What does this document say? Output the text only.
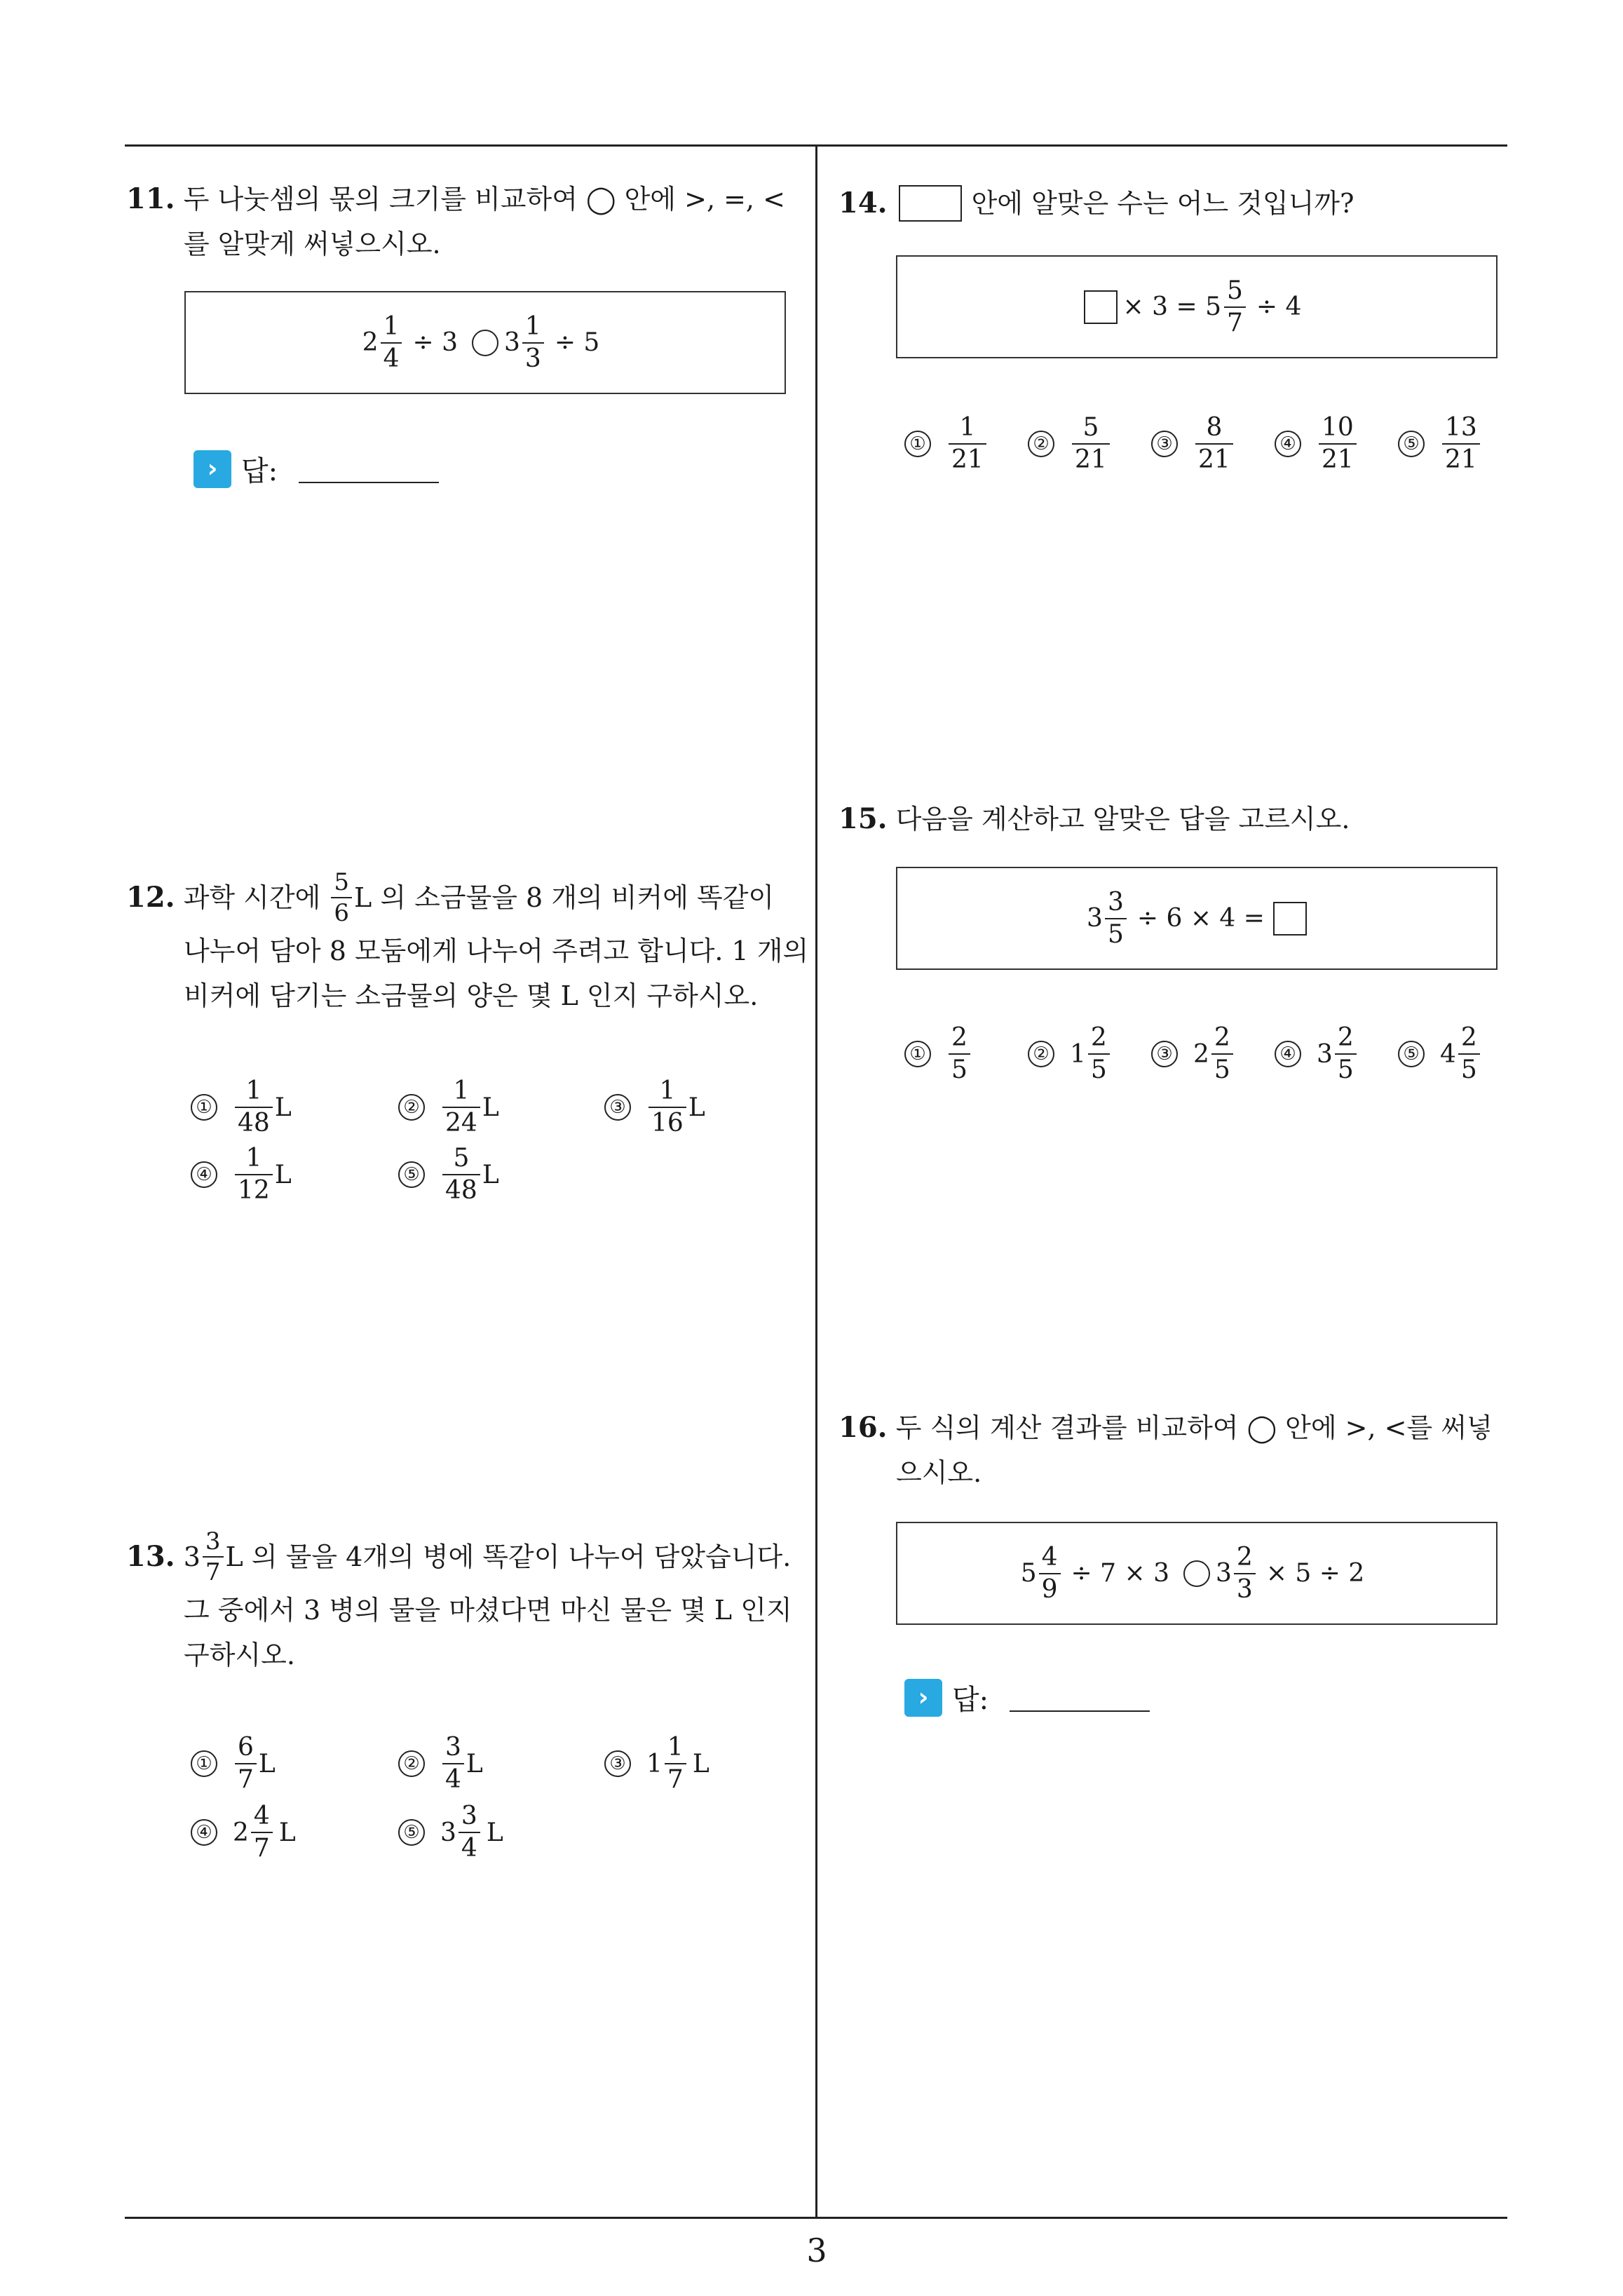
11. 두 나눗셈의 몫의 크기를 비교하여 ◯ 안에 >, =, <
를 알맞게 써넣으시오.
$2 \frac{1}{4} \div 3$ $3 \frac{1}{3} \div 5$
› 답:
12.
과학 시간에
$\frac{5}{6}$ L 의 소금물을 8 개의 비커에 똑같이
나누어 담아 8 모둠에게 나누어 주려고 합니다. 1 개의
비커에 담기는 소금물의 양은 몇 L 인지 구하시오.
① $\frac{1}{48}$ L	② $\frac{1}{24}$ L	③ $\frac{1}{16}$ L
④ $\frac{1}{12}$ L	⑤ $\frac{5}{48}$ L
13.
$3 \frac{3}{7}$ L 의 물을 4개의 병에 똑같이 나누어 담았습니다.
그 중에서 3 병의 물을 마셨다면 마신 물은 몇 L 인지
구하시오.
① $\frac{6}{7}$ L	② $\frac{3}{4}$ L	③ $1 \frac{1}{7}$ L
④ $2 \frac{4}{7}$ L	⑤ $3 \frac{3}{4}$ L
14.	안에 알맞은 수는 어느 것입니까?
× $3 = 5 \frac{5}{7} \div 4$
① $\frac{1}{21}$	② $\frac{5}{21}$	③ $\frac{8}{21}$	④ $\frac{10}{21}$	⑤ $\frac{13}{21}$
15. 다음을 계산하고 알맞은 답을 고르시오.
$3 \frac{3}{5} \div 6 \times 4$ =
① $\frac{2}{5}$	② $1 \frac{2}{5}$	③ $2 \frac{2}{5}$	④ $3 \frac{2}{5}$	⑤ $4 \frac{2}{5}$
16. 두 식의 계산 결과를 비교하여 ◯ 안에 >, <를 써넣
으시오.
$5 \frac{4}{9} \div 7 \times 3$ $3 \frac{2}{3} \times 5 \div 2$
› 답:
3
